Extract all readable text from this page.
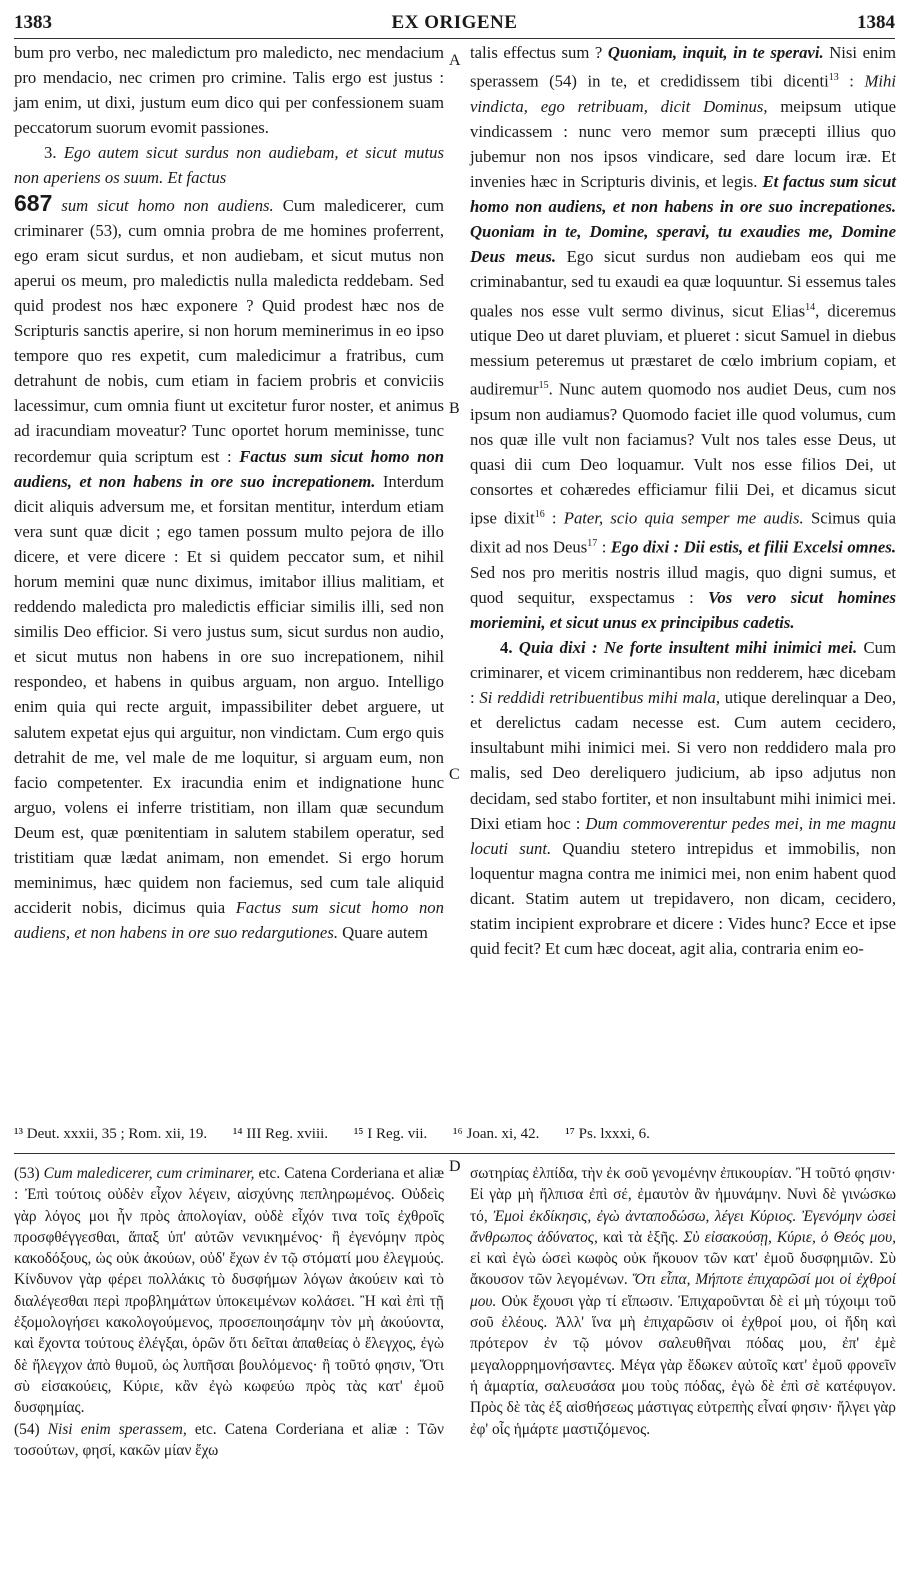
1383	EX ORIGENE	1384
A
B
C
D

bum pro verbo, nec maledictum pro maledicto, nec mendacium pro mendacio, nec crimen pro crimine. Talis ergo est justus : jam enim, ut dixi, justum eum dico qui per confessionem suam peccatorum suorum evomit passiones.

3. Ego autem sicut surdus non audiebam, et sicut mutus non aperiens os suum. Et factus
687 sum sicut homo non audiens. Cum maledicerer, cum criminarer (53), cum omnia probra de me homines proferrent, ego eram sicut surdus, et non audiebam, et sicut mutus non aperui os meum, pro maledictis nulla maledicta reddebam. Sed quid prodest nos hæc exponere ? Quid prodest hæc nos de Scripturis sanctis aperire, si non horum meminerimus in eo ipso tempore quo res expetit, cum maledicimur a fratribus, cum detrahunt de nobis, cum etiam in faciem probris et conviciis lacessimur, cum omnia fiunt ut excitetur furor noster, et animus ad iracundiam moveatur? Tunc oportet horum meminisse, tunc recordemur quia scriptum est : Factus sum sicut homo non audiens, et non habens in ore suo increpationem. Interdum dicit aliquis adversum me, et forsitan mentitur, interdum etiam vera sunt quæ dicit ; ego tamen possum multo pejora de illo dicere, et vere dicere : Et si quidem peccator sum, et nihil horum memini quæ nunc diximus, imitabor illius malitiam, et reddendo maledicta pro maledictis efficiar similis illi, sed non similis Deo efficior. Si vero justus sum, sicut surdus non audio, et sicut mutus non habens in ore suo increpationem, nihil respondeo, et habens in quibus arguam, non arguo. Intelligo enim quia qui recte arguit, impassibiliter debet arguere, ut salutem expetat ejus qui arguitur, non vindictam. Cum ergo quis detrahit de me, vel male de me loquitur, si arguam eum, non facio competenter. Ex iracundia enim et indignatione hunc arguo, volens ei inferre tristitiam, non illam quæ secundum Deum est, quæ pœnitentiam in salutem stabilem operatur, sed tristitiam quæ lædat animam, non emendet. Si ergo horum meminimus, hæc quidem non faciemus, sed cum tale aliquid acciderit nobis, dicimus quia Factus sum sicut homo non audiens, et non habens in ore suo redargutiones. Quare autem

talis effectus sum ? Quoniam, inquit, in te speravi. Nisi enim sperassem (54) in te, et credidissem tibi dicenti$^{13}$ : Mihi vindicta, ego retribuam, dicit Dominus, meipsum utique vindicassem : nunc vero memor sum præcepti illius quo jubemur non nos ipsos vindicare, sed dare locum iræ. Et invenies hæc in Scripturis divinis, et legis. Et factus sum sicut homo non audiens, et non habens in ore suo increpationes. Quoniam in te, Domine, speravi, tu exaudies me, Domine Deus meus. Ego sicut surdus non audiebam eos qui me criminabantur, sed tu exaudi ea quæ loquuntur. Si essemus tales quales nos esse vult sermo divinus, sicut Elias$^{14}$, diceremus utique Deo ut daret pluviam, et plueret : sicut Samuel in diebus messium peteremus ut præstaret de cœlo imbrium copiam, et audiremur$^{15}$. Nunc autem quomodo nos audiet Deus, cum nos ipsum non audiamus? Quomodo faciet ille quod volumus, cum nos quæ ille vult non faciamus? Vult nos tales esse Deus, ut quasi dii cum Deo loquamur. Vult nos esse filios Dei, ut consortes et cohæredes efficiamur filii Dei, et dicamus sicut ipse dixit$^{16}$ : Pater, scio quia semper me audis. Scimus quia dixit ad nos Deus$^{17}$ : Ego dixi : Dii estis, et filii Excelsi omnes. Sed nos pro meritis nostris illud magis, quo digni sumus, et quod sequitur, exspectamus : Vos vero sicut homines moriemini, et sicut unus ex principibus cadetis.

4. Quia dixi : Ne forte insultent mihi inimici mei. Cum criminarer, et vicem criminantibus non redderem, hæc dicebam : Si reddidi retribuentibus mihi mala, utique derelinquar a Deo, et derelictus cadam necesse est. Cum autem cecidero, insultabunt mihi inimici mei. Si vero non reddidero mala pro malis, sed Deo dereliquero judicium, ab ipso adjutus non decidam, sed stabo fortiter, et non insultabunt mihi inimici mei. Dixi etiam hoc : Dum commoverentur pedes mei, in me magnu locuti sunt. Quandiu stetero intrepidus et immobilis, non loquentur magna contra me inimici mei, non enim habent quod dicant. Statim autem ut trepidavero, non dicam, cecidero, statim incipient exprobrare et dicere : Vides hunc? Ecce et ipse quid fecit? Et cum hæc doceat, agit alia, contraria enim eo-

¹³ Deut. xxxii, 35 ; Rom. xii, 19. ¹⁴ III Reg. xviii. ¹⁵ I Reg. vii. ¹⁶ Joan. xi, 42. ¹⁷ Ps. lxxxi, 6.

(53) Cum maledicerer, cum criminarer, etc. Catena Corderiana et aliæ : Ἐπὶ τούτοις οὐδὲν εἶχον λέγειν, αἰσχύνης πεπληρωμένος. Οὐδεὶς γὰρ λόγος μοι ἦν πρὸς ἀπολογίαν, οὐδὲ εἶχόν τινα τοῖς ἐχθροῖς προσφθέγγεσθαι, ἅπαξ ὑπ' αὐτῶν νενικημένος· ἢ ἐγενόμην πρὸς κακοδόξους, ὡς οὐκ ἀκούων, οὐδ' ἔχων ἐν τῷ στόματί μου ἐλεγμούς. Κίνδυνον γὰρ φέρει πολλάκις τὸ δυσφήμων λόγων ἀκούειν καὶ τὸ διαλέγεσθαι περὶ προβλημάτων ὑποκειμένων κολάσει. Ἢ καὶ ἐπὶ τῇ ἐξομολογήσει κακολογούμενος, προσεποιησάμην τὸν μὴ ἀκούοντα, καὶ ἔχοντα τούτους ἐλέγξαι, ὁρῶν ὅτι δεῖται ἀπαθείας ὁ ἔλεγχος, ἐγὼ δὲ ἤλεγχον ἀπὸ θυμοῦ, ὡς λυπῆσαι βουλόμενος· ἢ τοῦτό φησιν, Ὅτι σὺ εἰσακούεις, Κύριε, κἂν ἐγὼ κωφεύω πρὸς τὰς κατ' ἐμοῦ δυσφημίας.

(54) Nisi enim sperassem, etc. Catena Corderiana et aliæ : Τῶν τοσούτων, φησί, κακῶν μίαν ἔχω

σωτηρίας ἐλπίδα, τὴν ἐκ σοῦ γενομένην ἐπικουρίαν. Ἢ τοῦτό φησιν· Εἰ γὰρ μὴ ἤλπισα ἐπὶ σέ, ἐμαυτὸν ἂν ἠμυνάμην. Νυνὶ δὲ γινώσκω τό, Ἐμοὶ ἐκδίκησις, ἐγὼ ἀνταποδώσω, λέγει Κύριος. Ἐγενόμην ὡσεὶ ἄνθρωπος ἀδύνατος, καὶ τὰ ἑξῆς. Σὺ εἰσακούσῃ, Κύριε, ὁ Θεός μου, εἰ καὶ ἐγὼ ὡσεὶ κωφὸς οὐκ ἤκουον τῶν κατ' ἐμοῦ δυσφημιῶν. Σὺ ἄκουσον τῶν λεγομένων. Ὅτι εἶπα, Μήποτε ἐπιχαρῶσί μοι οἱ ἐχθροί μου. Οὐκ ἔχουσι γὰρ τί εἴπωσιν. Ἐπιχαροῦνται δὲ εἰ μὴ τύχοιμι τοῦ σοῦ ἐλέους. Ἀλλ' ἵνα μὴ ἐπιχαρῶσιν οἱ ἐχθροί μου, οἱ ἤδη καὶ πρότερον ἐν τῷ μόνον σαλευθῆναι πόδας μου, ἐπ' ἐμὲ μεγαλορρημονήσαντες. Μέγα γὰρ ἔδωκεν αὐτοῖς κατ' ἐμοῦ φρονεῖν ἡ ἁμαρτία, σαλευσάσα μου τοὺς πόδας, ἐγὼ δὲ ἐπὶ σὲ κατέφυγον. Πρὸς δὲ τὰς ἐξ αἰσθήσεως μάστιγας εὐτρεπὴς εἶναί φησιν· ἤλγει γὰρ ἐφ' οἷς ἡμάρτε μαστιζόμενος.
